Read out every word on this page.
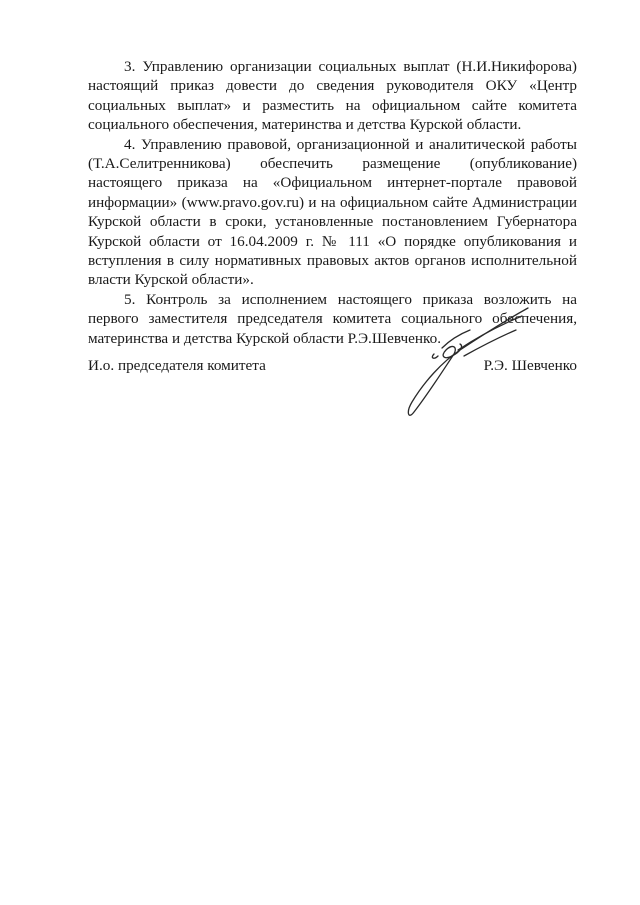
3. Управлению организации социальных выплат (Н.И.Никифорова) настоящий приказ довести до сведения руководителя ОКУ «Центр социальных выплат» и разместить на официальном сайте комитета социального обеспечения, материнства и детства Курской области.

4. Управлению правовой, организационной и аналитической работы (Т.А.Селитренникова) обеспечить размещение (опубликование) настоящего приказа на «Официальном интернет-портале правовой информации» (www.pravo.gov.ru) и на официальном сайте Администрации Курской области в сроки, установленные постановлением Губернатора Курской области от 16.04.2009 г. № 111 «О порядке опубликования и вступления в силу нормативных правовых актов органов исполнительной власти Курской области».

5. Контроль за исполнением настоящего приказа возложить на первого заместителя председателя комитета социального обеспечения, материнства и детства Курской области Р.Э.Шевченко.

И.о. председателя комитета	Р.Э. Шевченко
